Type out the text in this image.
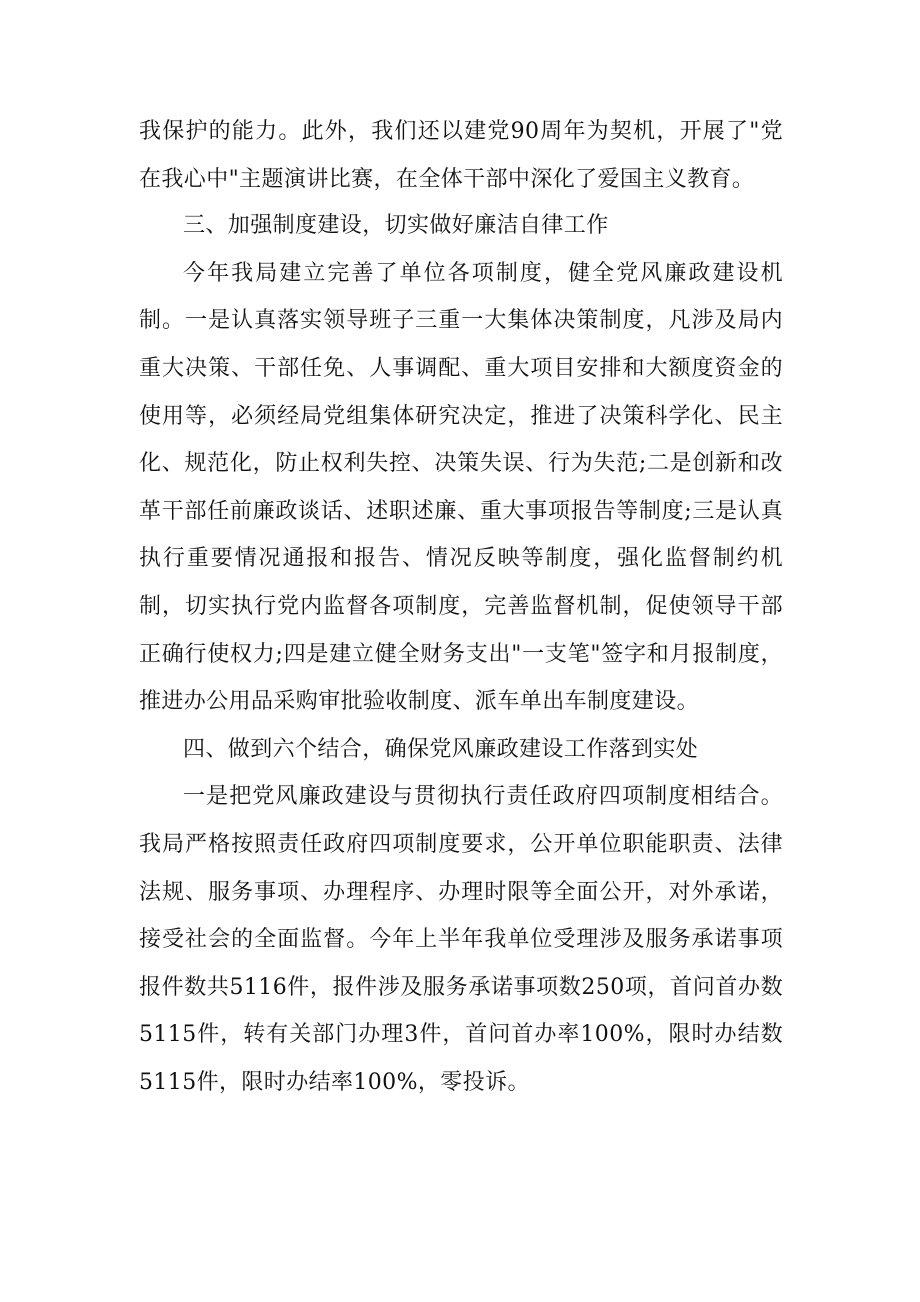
我保护的能力。此外，我们还以建党90周年为契机，开展了"党在我心中"主题演讲比赛，在全体干部中深化了爱国主义教育。

三、加强制度建设，切实做好廉洁自律工作

今年我局建立完善了单位各项制度，健全党风廉政建设机制。一是认真落实领导班子三重一大集体决策制度，凡涉及局内重大决策、干部任免、人事调配、重大项目安排和大额度资金的使用等，必须经局党组集体研究决定，推进了决策科学化、民主化、规范化，防止权利失控、决策失误、行为失范;二是创新和改革干部任前廉政谈话、述职述廉、重大事项报告等制度;三是认真执行重要情况通报和报告、情况反映等制度，强化监督制约机制，切实执行党内监督各项制度，完善监督机制，促使领导干部正确行使权力;四是建立健全财务支出"一支笔"签字和月报制度，推进办公用品采购审批验收制度、派车单出车制度建设。

四、做到六个结合，确保党风廉政建设工作落到实处

一是把党风廉政建设与贯彻执行责任政府四项制度相结合。我局严格按照责任政府四项制度要求，公开单位职能职责、法律法规、服务事项、办理程序、办理时限等全面公开，对外承诺，接受社会的全面监督。今年上半年我单位受理涉及服务承诺事项报件数共5116件，报件涉及服务承诺事项数250项，首问首办数5115件，转有关部门办理3件，首问首办率100%，限时办结数5115件，限时办结率100%，零投诉。
